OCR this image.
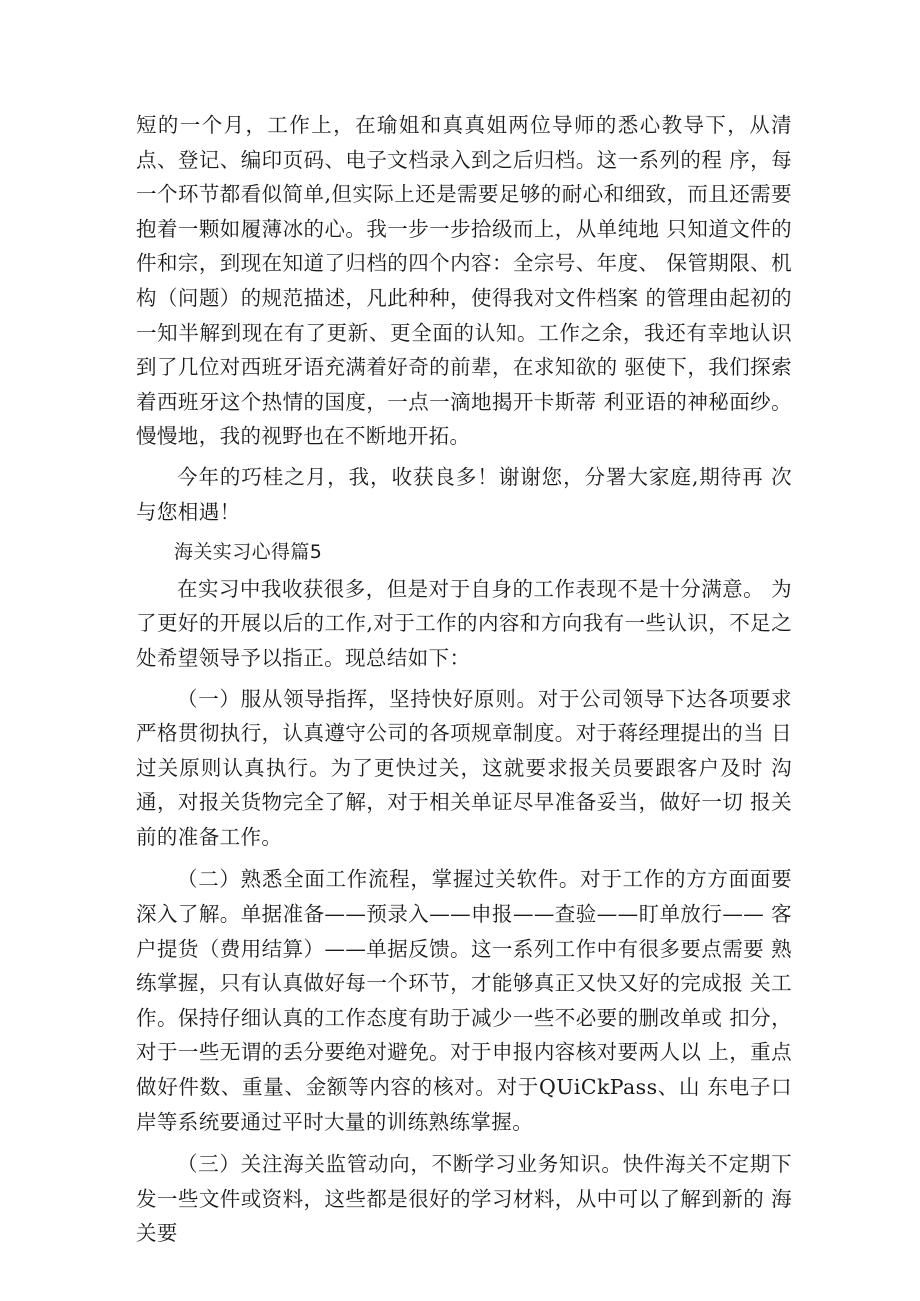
短的一个月，工作上，在瑜姐和真真姐两位导师的悉心教导下，从清点、登记、编印页码、电子文档录入到之后归档。这一系列的程 序，每一个环节都看似简单,但实际上还是需要足够的耐心和细致，而且还需要抱着一颗如履薄冰的心。我一步一步拾级而上，从单纯地 只知道文件的件和宗，到现在知道了归档的四个内容：全宗号、年度、 保管期限、机构（问题）的规范描述，凡此种种，使得我对文件档案 的管理由起初的一知半解到现在有了更新、更全面的认知。工作之余，我还有幸地认识到了几位对西班牙语充满着好奇的前辈，在求知欲的 驱使下，我们探索着西班牙这个热情的国度，一点一滴地揭开卡斯蒂 利亚语的神秘面纱。慢慢地，我的视野也在不断地开拓。

今年的巧桂之月，我，收获良多！谢谢您，分署大家庭,期待再 次与您相遇！

海关实习心得篇5

在实习中我收获很多，但是对于自身的工作表现不是十分满意。 为了更好的开展以后的工作,对于工作的内容和方向我有一些认识，不足之处希望领导予以指正。现总结如下：

（一）服从领导指挥，坚持快好原则。对于公司领导下达各项要求 严格贯彻执行，认真遵守公司的各项规章制度。对于蒋经理提出的当 日过关原则认真执行。为了更快过关，这就要求报关员要跟客户及时 沟通，对报关货物完全了解，对于相关单证尽早准备妥当，做好一切 报关前的准备工作。

（二）熟悉全面工作流程，掌握过关软件。对于工作的方方面面要 深入了解。单据准备——预录入——申报——查验——盯单放行—— 客户提货（费用结算）——单据反馈。这一系列工作中有很多要点需要 熟练掌握，只有认真做好每一个环节，才能够真正又快又好的完成报 关工作。保持仔细认真的工作态度有助于减少一些不必要的删改单或 扣分，对于一些无谓的丢分要绝对避免。对于申报内容核对要两人以 上，重点做好件数、重量、金额等内容的核对。对于QUiCkPass、山 东电子口岸等系统要通过平时大量的训练熟练掌握。

（三）关注海关监管动向，不断学习业务知识。快件海关不定期下 发一些文件或资料，这些都是很好的学习材料，从中可以了解到新的 海关要
